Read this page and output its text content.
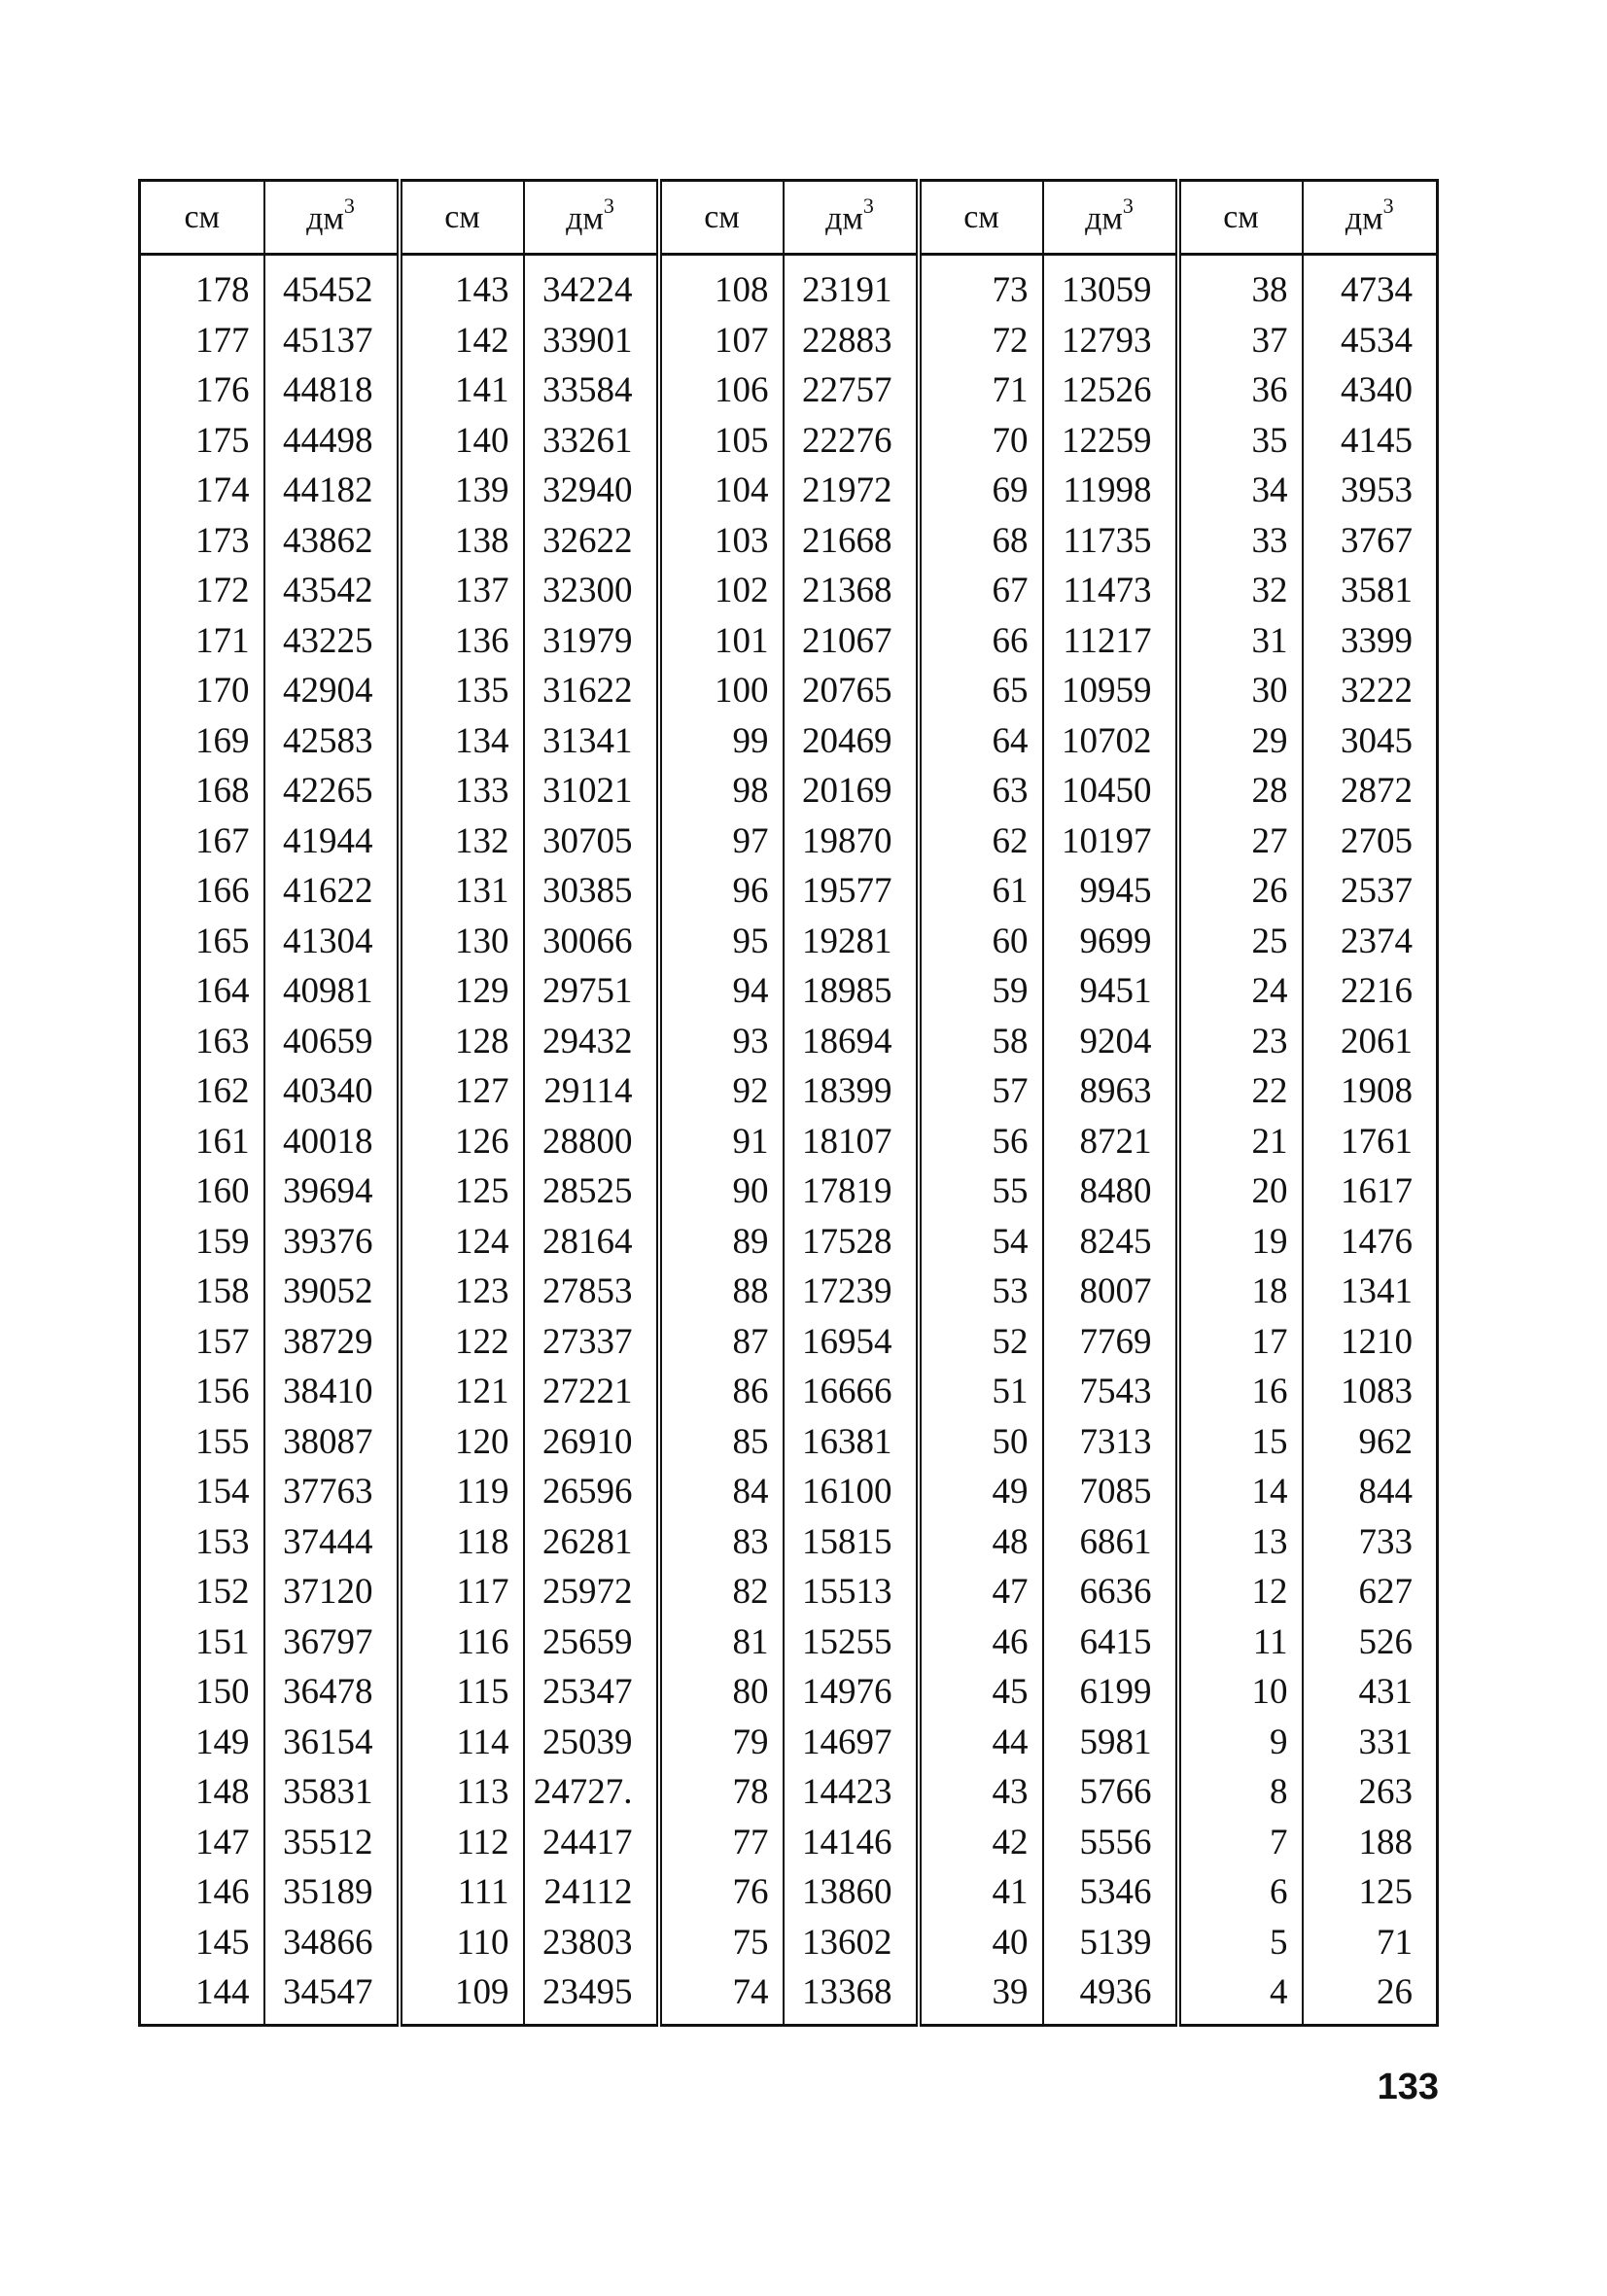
см	$дм^3$	см	$дм^3$	см	$дм^3$	см	$дм^3$	см	$дм^3$
178	45452	143	34224	108	23191	73	13059	38	4734
177	45137	142	33901	107	22883	72	12793	37	4534
176	44818	141	33584	106	22757	71	12526	36	4340
175	44498	140	33261	105	22276	70	12259	35	4145
174	44182	139	32940	104	21972	69	11998	34	3953
173	43862	138	32622	103	21668	68	11735	33	3767
172	43542	137	32300	102	21368	67	11473	32	3581
171	43225	136	31979	101	21067	66	11217	31	3399
170	42904	135	31622	100	20765	65	10959	30	3222
169	42583	134	31341	99	20469	64	10702	29	3045
168	42265	133	31021	98	20169	63	10450	28	2872
167	41944	132	30705	97	19870	62	10197	27	2705
166	41622	131	30385	96	19577	61	9945	26	2537
165	41304	130	30066	95	19281	60	9699	25	2374
164	40981	129	29751	94	18985	59	9451	24	2216
163	40659	128	29432	93	18694	58	9204	23	2061
162	40340	127	29114	92	18399	57	8963	22	1908
161	40018	126	28800	91	18107	56	8721	21	1761
160	39694	125	28525	90	17819	55	8480	20	1617
159	39376	124	28164	89	17528	54	8245	19	1476
158	39052	123	27853	88	17239	53	8007	18	1341
157	38729	122	27337	87	16954	52	7769	17	1210
156	38410	121	27221	86	16666	51	7543	16	1083
155	38087	120	26910	85	16381	50	7313	15	962
154	37763	119	26596	84	16100	49	7085	14	844
153	37444	118	26281	83	15815	48	6861	13	733
152	37120	117	25972	82	15513	47	6636	12	627
151	36797	116	25659	81	15255	46	6415	11	526
150	36478	115	25347	80	14976	45	6199	10	431
149	36154	114	25039	79	14697	44	5981	9	331
148	35831	113	24727.	78	14423	43	5766	8	263
147	35512	112	24417	77	14146	42	5556	7	188
146	35189	111	24112	76	13860	41	5346	6	125
145	34866	110	23803	75	13602	40	5139	5	71
144	34547	109	23495	74	13368	39	4936	4	26
133
